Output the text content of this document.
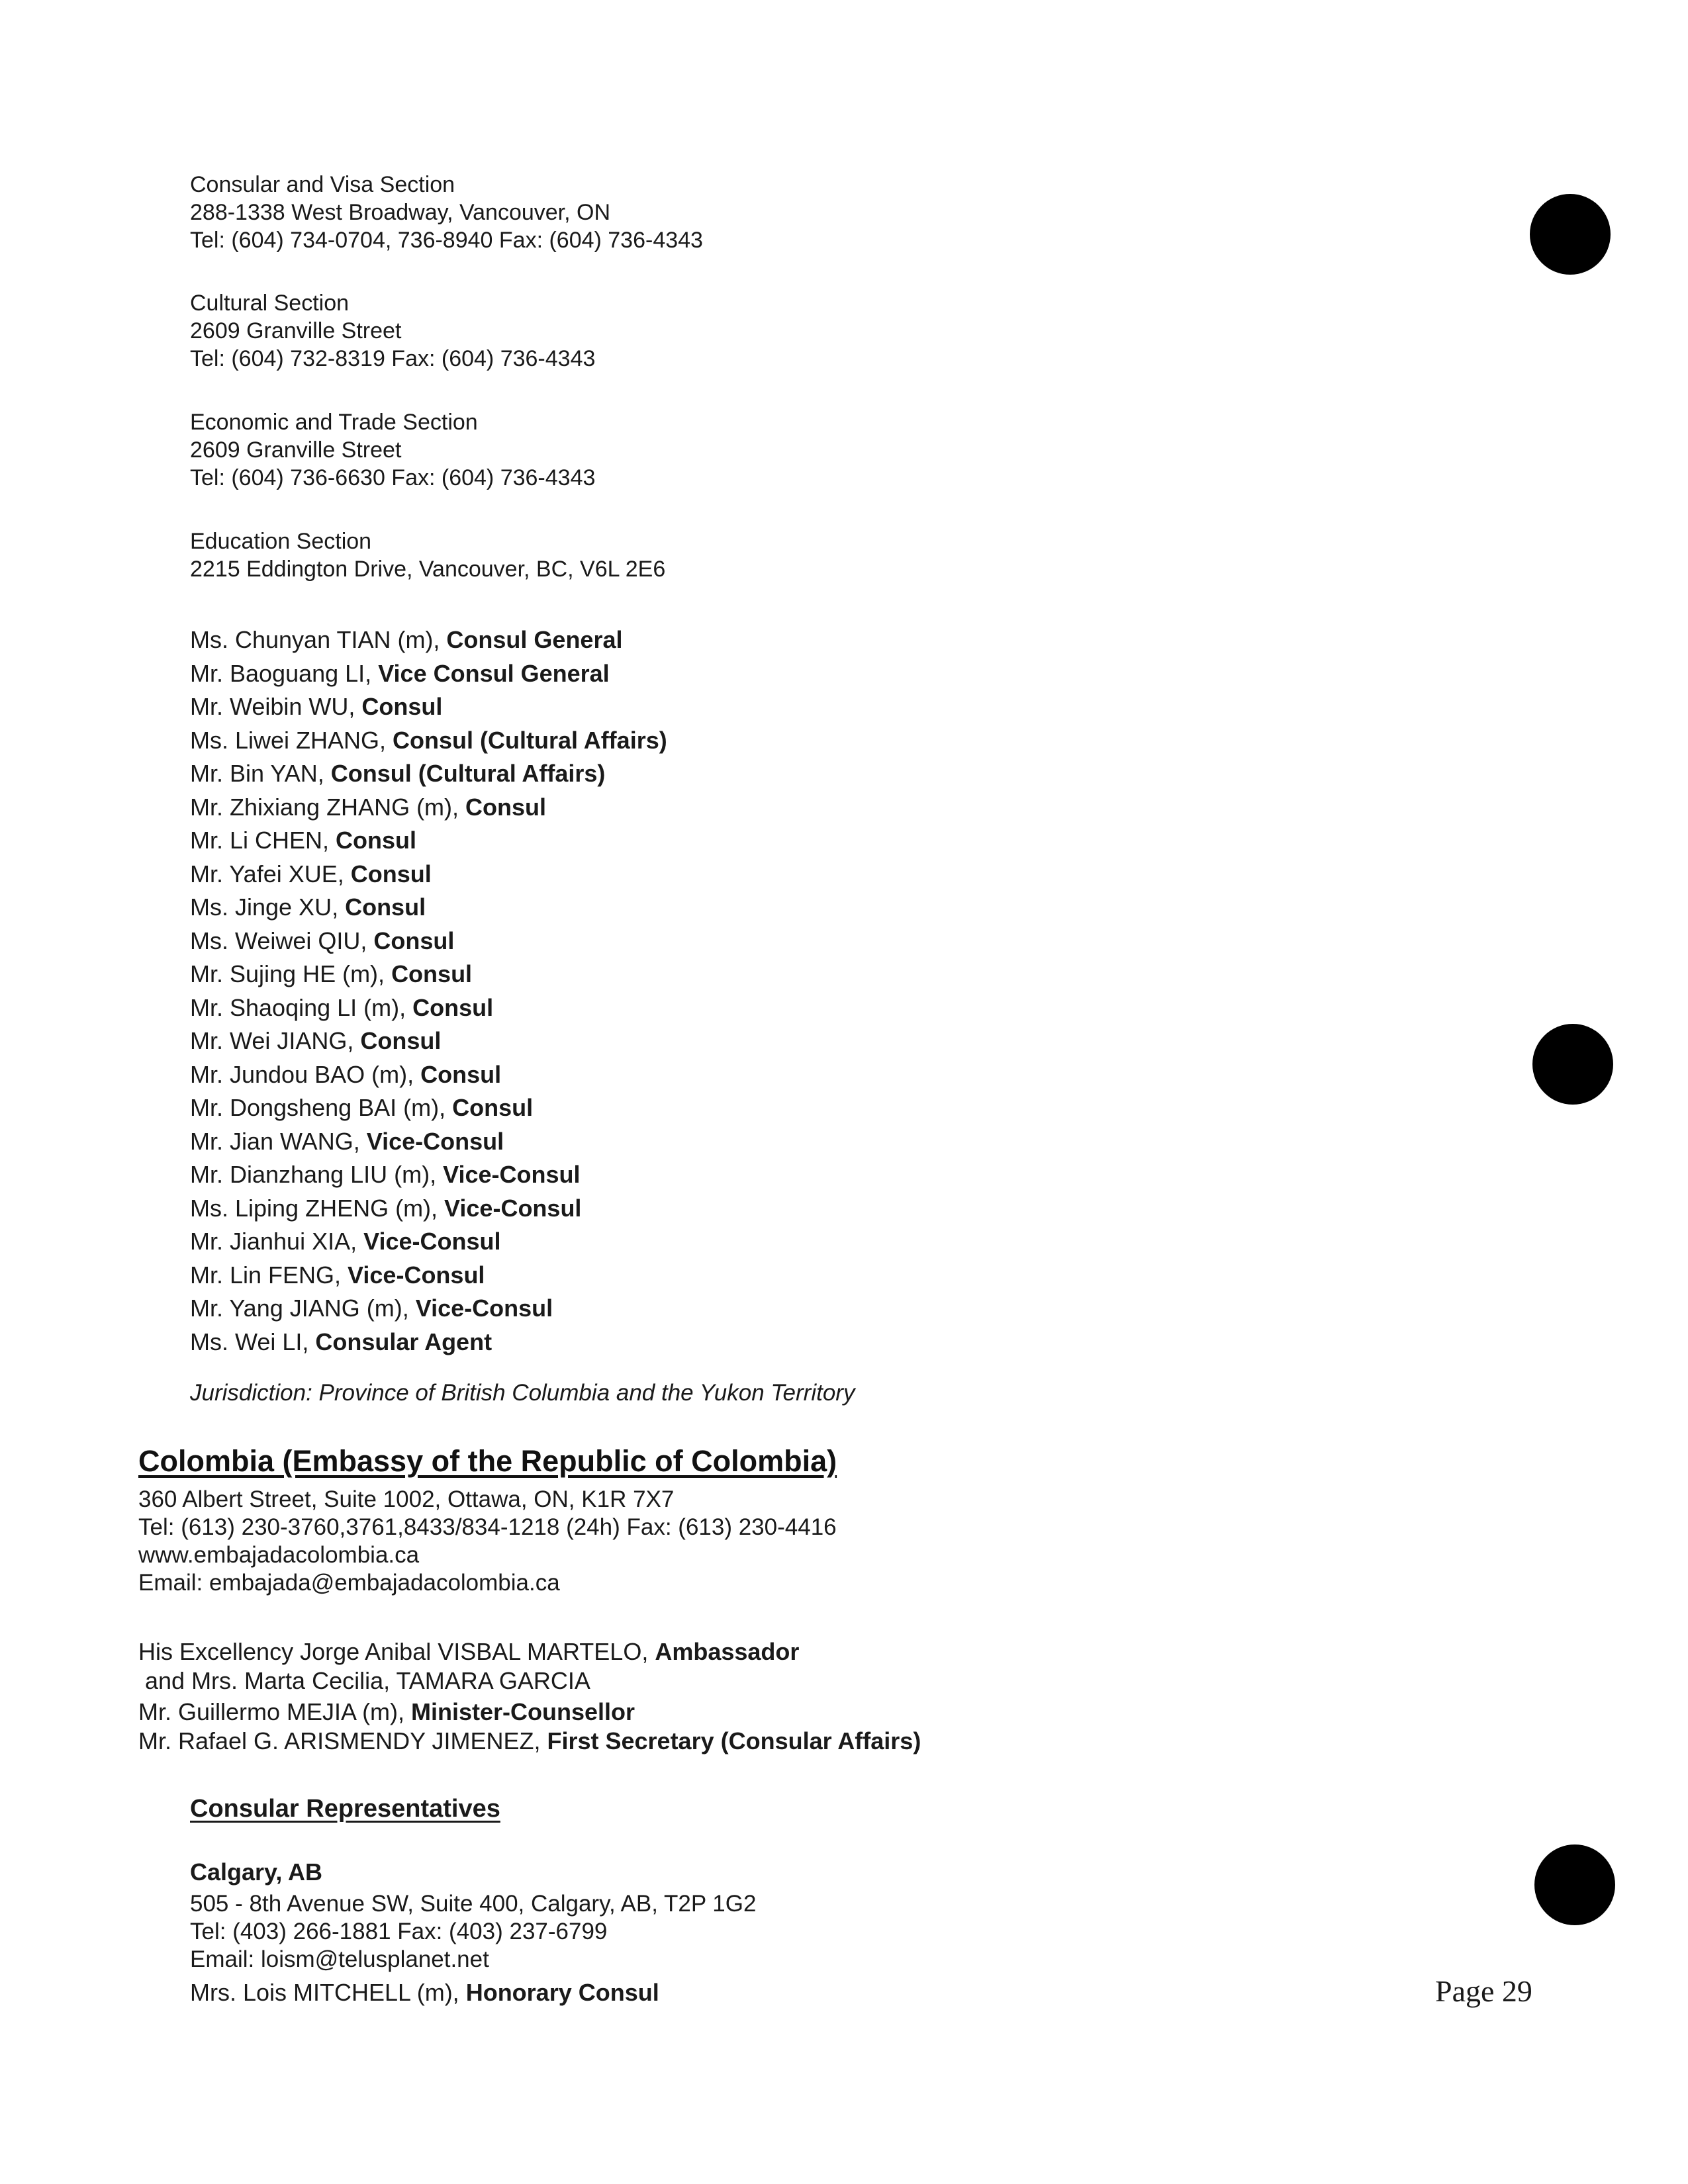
Consular and Visa Section
288-1338 West Broadway, Vancouver, ON
Tel: (604) 734-0704, 736-8940 Fax: (604) 736-4343
Cultural Section
2609 Granville Street
Tel: (604) 732-8319 Fax: (604) 736-4343
Economic and Trade Section
2609 Granville Street
Tel: (604) 736-6630 Fax: (604) 736-4343
Education Section
2215 Eddington Drive, Vancouver, BC, V6L 2E6
Ms. Chunyan TIAN (m), Consul General
Mr. Baoguang LI, Vice Consul General
Mr. Weibin WU, Consul
Ms. Liwei ZHANG, Consul (Cultural Affairs)
Mr. Bin YAN, Consul (Cultural Affairs)
Mr. Zhixiang ZHANG (m), Consul
Mr. Li CHEN, Consul
Mr. Yafei XUE, Consul
Ms. Jinge XU, Consul
Ms. Weiwei QIU, Consul
Mr. Sujing HE (m), Consul
Mr. Shaoqing LI (m), Consul
Mr. Wei JIANG, Consul
Mr. Jundou BAO (m), Consul
Mr. Dongsheng BAI (m), Consul
Mr. Jian WANG, Vice-Consul
Mr. Dianzhang LIU (m), Vice-Consul
Ms. Liping ZHENG (m), Vice-Consul
Mr. Jianhui XIA, Vice-Consul
Mr. Lin FENG, Vice-Consul
Mr. Yang JIANG (m), Vice-Consul
Ms. Wei LI, Consular Agent
Jurisdiction: Province of British Columbia and the Yukon Territory
Colombia (Embassy of the Republic of Colombia)
360 Albert Street, Suite 1002, Ottawa, ON, K1R 7X7
Tel: (613) 230-3760,3761,8433/834-1218 (24h) Fax: (613) 230-4416
www.embajadacolombia.ca
Email: embajada@embajadacolombia.ca
His Excellency Jorge Anibal VISBAL MARTELO, Ambassador
and Mrs. Marta Cecilia, TAMARA GARCIA
Mr. Guillermo MEJIA (m), Minister-Counsellor
Mr. Rafael G. ARISMENDY JIMENEZ, First Secretary (Consular Affairs)
Consular Representatives
Calgary, AB
505 - 8th Avenue SW, Suite 400, Calgary, AB, T2P 1G2
Tel: (403) 266-1881 Fax: (403) 237-6799
Email: loism@telusplanet.net
Mrs. Lois MITCHELL (m), Honorary Consul	Page 29
